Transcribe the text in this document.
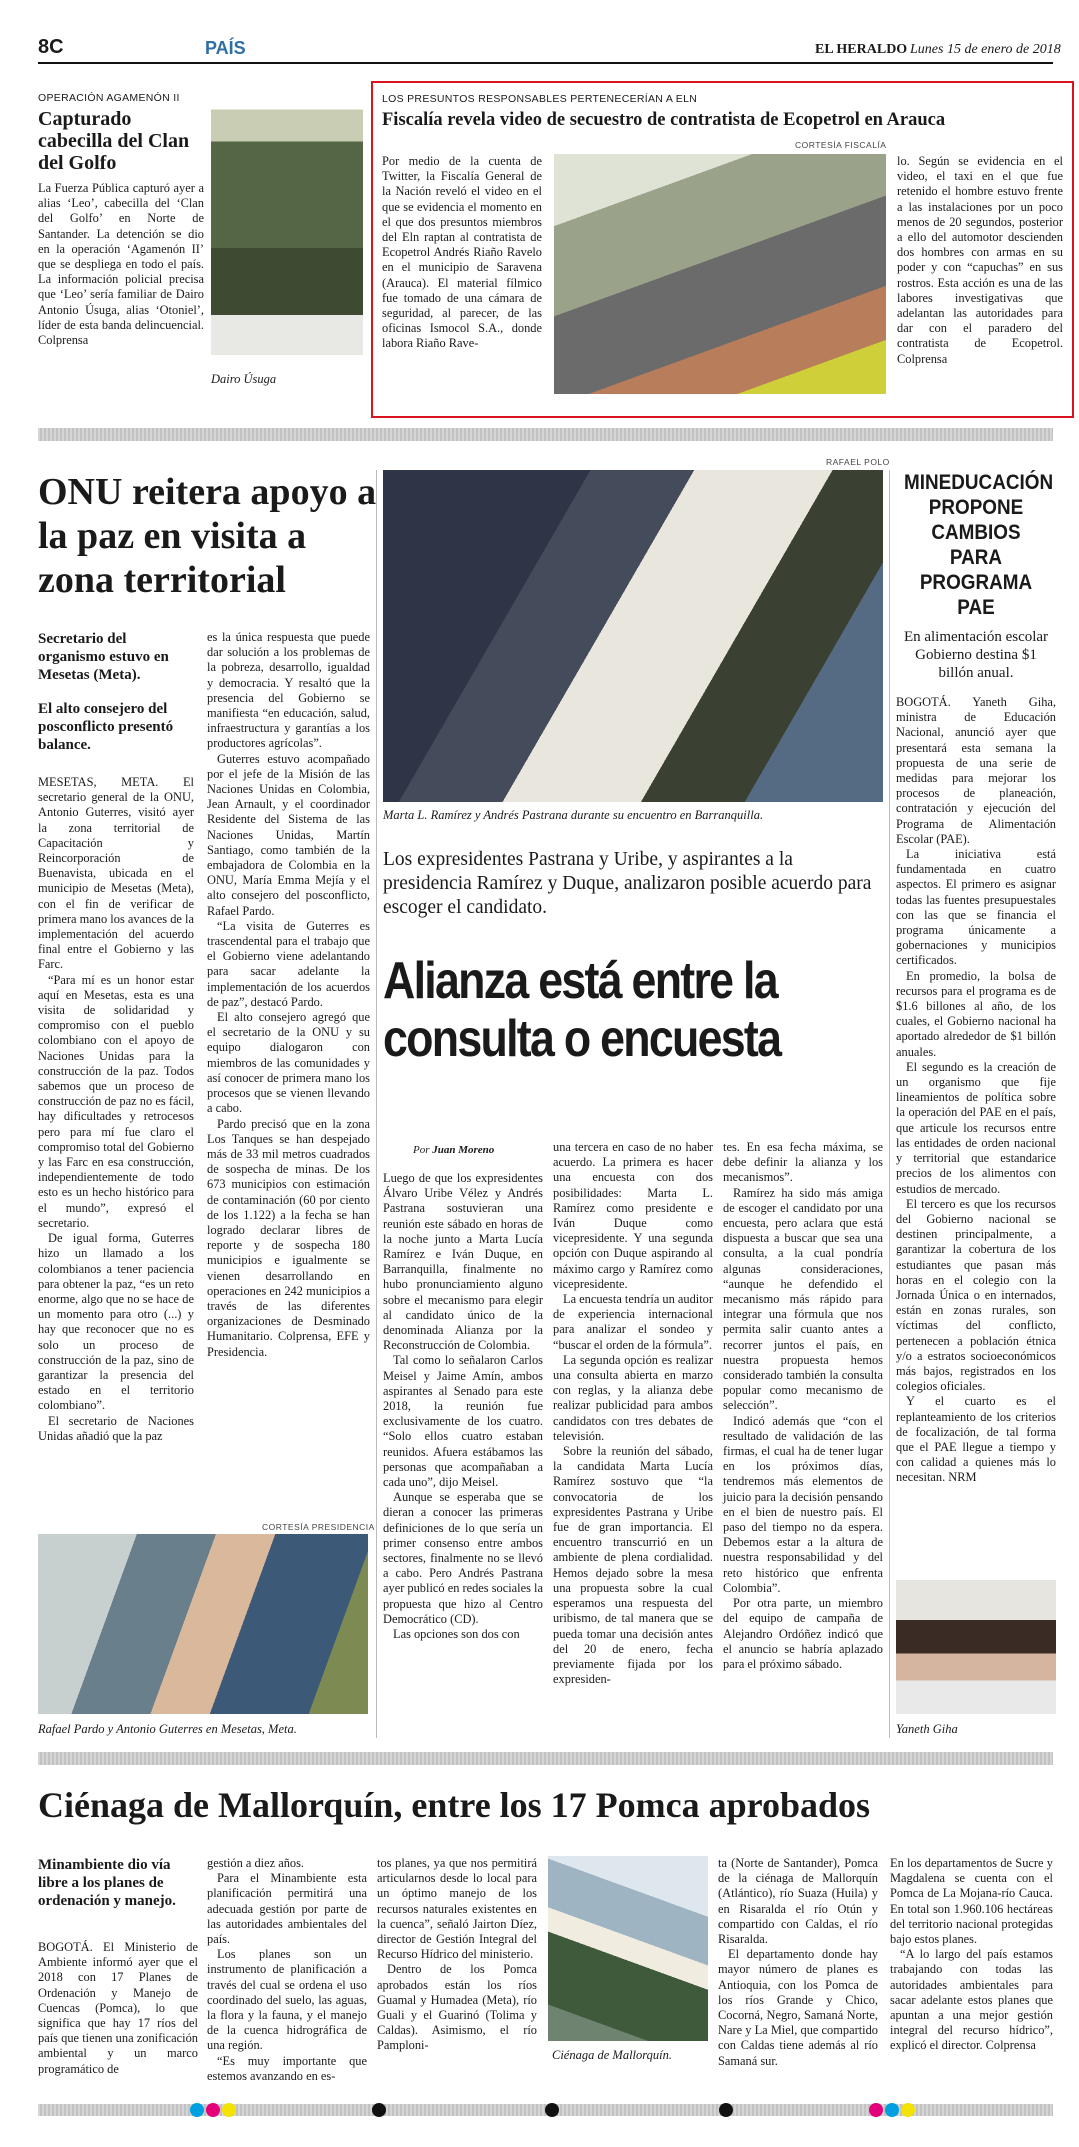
8C	PAÍS	EL HERALDO Lunes 15 de enero de 2018
OPERACIÓN AGAMENÓN II
Capturado cabecilla del Clan del Golfo
La Fuerza Pública capturó ayer a alias ‘Leo’, cabecilla del ‘Clan del Golfo’ en Norte de Santander. La detención se dio en la operación ‘Agamenón II’ que se despliega en todo el país. La información policial precisa que ‘Leo’ sería familiar de Dairo Antonio Úsuga, alias ‘Otoniel’, líder de esta banda delincuencial. Colprensa
Dairo Úsuga
LOS PRESUNTOS RESPONSABLES PERTENECERÍAN A ELN
Fiscalía revela video de secuestro de contratista de Ecopetrol en Arauca
CORTESÍA FISCALÍA
Por medio de la cuenta de Twitter, la Fiscalía General de la Nación reveló el video en el que se evidencia el momento en el que dos presuntos miembros del Eln raptan al contratista de Ecopetrol Andrés Riaño Ravelo en el municipio de Saravena (Arauca). El material fílmico fue tomado de una cámara de seguridad, al parecer, de las oficinas Ismocol S.A., donde labora Riaño Rave-
lo. Según se evidencia en el video, el taxi en el que fue retenido el hombre estuvo frente a las instalaciones por un poco menos de 20 segundos, posterior a ello del automotor descienden dos hombres con armas en su poder y con “capuchas” en sus rostros. Esta acción es una de las labores investigativas que adelantan las autoridades para dar con el paradero del contratista de Ecopetrol. Colprensa
ONU reitera apoyo a la paz en visita a zona territorial
Secretario del organismo estuvo en Mesetas (Meta).
El alto consejero del posconflicto presentó balance.

MESETAS, META. El secretario general de la ONU, Antonio Guterres, visitó ayer la zona territorial de Capacitación y Reincorporación de Buenavista, ubicada en el municipio de Mesetas (Meta), con el fin de verificar de primera mano los avances de la implementación del acuerdo final entre el Gobierno y las Farc.

“Para mí es un honor estar aquí en Mesetas, esta es una visita de solidaridad y compromiso con el pueblo colombiano con el apoyo de Naciones Unidas para la construcción de la paz. Todos sabemos que un proceso de construcción de paz no es fácil, hay dificultades y retrocesos pero para mí fue claro el compromiso total del Gobierno y las Farc en esa construcción, independientemente de todo esto es un hecho histórico para el mundo”, expresó el secretario.

De igual forma, Guterres hizo un llamado a los colombianos a tener paciencia para obtener la paz, “es un reto enorme, algo que no se hace de un momento para otro (...) y hay que reconocer que no es solo un proceso de construcción de la paz, sino de garantizar la presencia del estado en el territorio colombiano”.

El secretario de Naciones Unidas añadió que la paz

es la única respuesta que puede dar solución a los problemas de la pobreza, desarrollo, igualdad y democracia. Y resaltó que la presencia del Gobierno se manifiesta “en educación, salud, infraestructura y garantías a los productores agrícolas”.

Guterres estuvo acompañado por el jefe de la Misión de las Naciones Unidas en Colombia, Jean Arnault, y el coordinador Residente del Sistema de las Naciones Unidas, Martín Santiago, como también de la embajadora de Colombia en la ONU, María Emma Mejía y el alto consejero del posconflicto, Rafael Pardo.

“La visita de Guterres es trascendental para el trabajo que el Gobierno viene adelantando para sacar adelante la implementación de los acuerdos de paz”, destacó Pardo.

El alto consejero agregó que el secretario de la ONU y su equipo dialogaron con miembros de las comunidades y así conocer de primera mano los procesos que se vienen llevando a cabo.

Pardo precisó que en la zona Los Tanques se han despejado más de 33 mil metros cuadrados de sospecha de minas. De los 673 municipios con estimación de contaminación (60 por ciento de los 1.122) a la fecha se han logrado declarar libres de reporte y de sospecha 180 municipios e igualmente se vienen desarrollando en operaciones en 242 municipios a través de las diferentes organizaciones de Desminado Humanitario. Colprensa, EFE y Presidencia.

CORTESÍA PRESIDENCIA
Rafael Pardo y Antonio Guterres en Mesetas, Meta.
RAFAEL POLO
Marta L. Ramírez y Andrés Pastrana durante su encuentro en Barranquilla.
Los expresidentes Pastrana y Uribe, y aspirantes a la presidencia Ramírez y Duque, analizaron posible acuerdo para escoger el candidato.
Alianza está entre la consulta o encuesta
Por Juan Moreno

Luego de que los expresidentes Álvaro Uribe Vélez y Andrés Pastrana sostuvieran una reunión este sábado en horas de la noche junto a Marta Lucía Ramírez e Iván Duque, en Barranquilla, finalmente no hubo pronunciamiento alguno sobre el mecanismo para elegir al candidato único de la denominada Alianza por la Reconstrucción de Colombia.

Tal como lo señalaron Carlos Meisel y Jaime Amín, ambos aspirantes al Senado para este 2018, la reunión fue exclusivamente de los cuatro. “Solo ellos cuatro estaban reunidos. Afuera estábamos las personas que acompañaban a cada uno”, dijo Meisel.

Aunque se esperaba que se dieran a conocer las primeras definiciones de lo que sería un primer consenso entre ambos sectores, finalmente no se llevó a cabo. Pero Andrés Pastrana ayer publicó en redes sociales la propuesta que hizo al Centro Democrático (CD).

Las opciones son dos con

una tercera en caso de no haber acuerdo. La primera es hacer una encuesta con dos posibilidades: Marta L. Ramírez como presidente e Iván Duque como vicepresidente. Y una segunda opción con Duque aspirando al máximo cargo y Ramírez como vicepresidente.

La encuesta tendría un auditor de experiencia internacional para analizar el sondeo y “buscar el orden de la fórmula”.

La segunda opción es realizar una consulta abierta en marzo con reglas, y la alianza debe realizar publicidad para ambos candidatos con tres debates de televisión.

Sobre la reunión del sábado, la candidata Marta Lucía Ramírez sostuvo que “la convocatoria de los expresidentes Pastrana y Uribe fue de gran importancia. El encuentro transcurrió en un ambiente de plena cordialidad. Hemos dejado sobre la mesa una propuesta sobre la cual esperamos una respuesta del uribismo, de tal manera que se pueda tomar una decisión antes del 20 de enero, fecha previamente fijada por los expresiden-

tes. En esa fecha máxima, se debe definir la alianza y los mecanismos”.

Ramírez ha sido más amiga de escoger el candidato por una encuesta, pero aclara que está dispuesta a buscar que sea una consulta, a la cual pondría algunas consideraciones, “aunque he defendido el mecanismo más rápido para integrar una fórmula que nos permita salir cuanto antes a recorrer juntos el país, en nuestra propuesta hemos considerado también la consulta popular como mecanismo de selección”.

Indicó además que “con el resultado de validación de las firmas, el cual ha de tener lugar en los próximos días, tendremos más elementos de juicio para la decisión pensando en el bien de nuestro país. El paso del tiempo no da espera. Debemos estar a la altura de nuestra responsabilidad y del reto histórico que enfrenta Colombia”.

Por otra parte, un miembro del equipo de campaña de Alejandro Ordóñez indicó que el anuncio se habría aplazado para el próximo sábado.

MINEDUCACIÓN PROPONE CAMBIOS PARA PROGRAMA PAE
En alimentación escolar Gobierno destina $1 billón anual.

BOGOTÁ. Yaneth Giha, ministra de Educación Nacional, anunció ayer que presentará esta semana la propuesta de una serie de medidas para mejorar los procesos de planeación, contratación y ejecución del Programa de Alimentación Escolar (PAE).

La iniciativa está fundamentada en cuatro aspectos. El primero es asignar todas las fuentes presupuestales con las que se financia el programa únicamente a gobernaciones y municipios certificados.

En promedio, la bolsa de recursos para el programa es de $1.6 billones al año, de los cuales, el Gobierno nacional ha aportado alrededor de $1 billón anuales.

El segundo es la creación de un organismo que fije lineamientos de política sobre la operación del PAE en el país, que articule los recursos entre las entidades de orden nacional y territorial que estandarice precios de los alimentos con estudios de mercado.

El tercero es que los recursos del Gobierno nacional se destinen principalmente, a garantizar la cobertura de los estudiantes que pasan más horas en el colegio con la Jornada Única o en internados, están en zonas rurales, son víctimas del conflicto, pertenecen a población étnica y/o a estratos socioeconómicos más bajos, registrados en los colegios oficiales.

Y el cuarto es el replanteamiento de los criterios de focalización, de tal forma que el PAE llegue a tiempo y con calidad a quienes más lo necesitan. NRM

Yaneth Giha
Ciénaga de Mallorquín, entre los 17 Pomca aprobados
Minambiente dio vía libre a los planes de ordenación y manejo.
BOGOTÁ. El Ministerio de Ambiente informó ayer que el 2018 con 17 Planes de Ordenación y Manejo de Cuencas (Pomca), lo que significa que hay 17 ríos del país que tienen una zonificación ambiental y un marco programático de

gestión a diez años.

Para el Minambiente esta planificación permitirá una adecuada gestión por parte de las autoridades ambientales del país.

Los planes son un instrumento de planificación a través del cual se ordena el uso coordinado del suelo, las aguas, la flora y la fauna, y el manejo de la cuenca hidrográfica de una región.

“Es muy importante que estemos avanzando en es-

tos planes, ya que nos permitirá articularnos desde lo local para un óptimo manejo de los recursos naturales existentes en la cuenca”, señaló Jairton Díez, director de Gestión Integral del Recurso Hídrico del ministerio.

Dentro de los Pomca aprobados están los ríos Guamal y Humadea (Meta), río Guali y el Guarinó (Tolima y Caldas). Asimismo, el río Pamploni-

Ciénaga de Mallorquín.

ta (Norte de Santander), Pomca de la ciénaga de Mallorquín (Atlántico), río Suaza (Huila) y en Risaralda el río Otún y compartido con Caldas, el río Risaralda.

El departamento donde hay mayor número de planes es Antioquia, con los Pomca de los ríos Grande y Chico, Cocorná, Negro, Samaná Norte, Nare y La Miel, que compartido con Caldas tiene además al río Samaná sur.

En los departamentos de Sucre y Magdalena se cuenta con el Pomca de La Mojana-río Cauca. En total son 1.960.106 hectáreas del territorio nacional protegidas bajo estos planes.

“A lo largo del país estamos trabajando con todas las autoridades ambientales para sacar adelante estos planes que apuntan a una mejor gestión integral del recurso hídrico”, explicó el director. Colprensa
